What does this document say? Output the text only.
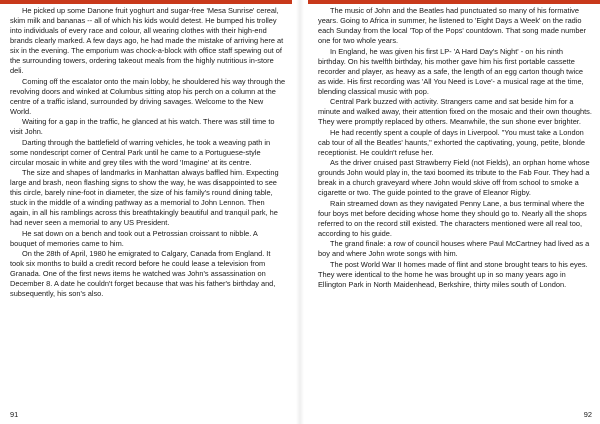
He picked up some Danone fruit yoghurt and sugar-free 'Mesa Sunrise' cereal, skim milk and bananas -- all of which his kids would detest. He bumped his trolley into individuals of every race and colour, all wearing clothes with their high-end brands clearly marked. A few days ago, he had made the mistake of arriving here at six in the evening. The emporium was chock-a-block with office staff spewing out of the surrounding towers, ordering takeout meals from the highly nutritious in-store deli.

Coming off the escalator onto the main lobby, he shouldered his way through the revolving doors and winked at Columbus sitting atop his perch on a column at the centre of a traffic island, surrounded by driving savages. Welcome to the New World.

Waiting for a gap in the traffic, he glanced at his watch. There was still time to visit John.

Darting through the battlefield of warring vehicles, he took a weaving path in some nondescript corner of Central Park until he came to a Portuguese-style circular mosaic in white and grey tiles with the word 'Imagine' at its centre.

The size and shapes of landmarks in Manhattan always baffled him. Expecting large and brash, neon flashing signs to show the way, he was disappointed to see this circle, barely nine-foot in diameter, the size of his family's round dining table, stuck in the middle of a winding pathway as a memorial to John Lennon. Then again, in all his ramblings across this breathtakingly beautiful and tranquil park, he had never seen a memorial to any US President.

He sat down on a bench and took out a Petrossian croissant to nibble. A bouquet of memories came to him.

On the 28th of April, 1980 he emigrated to Calgary, Canada from England. It took six months to build a credit record before he could lease a television from Granada. One of the first news items he watched was John's assassination on December 8. A date he couldn't forget because that was his father's birthday and, subsequently, his son's also.

The music of John and the Beatles had punctuated so many of his formative years. Going to Africa in summer, he listened to 'Eight Days a Week' on the radio each Sunday from the local 'Top of the Pops' countdown. That song made number one for two whole years.

In England, he was given his first LP- 'A Hard Day's Night' - on his ninth birthday. On his twelfth birthday, his mother gave him his first portable cassette recorder and player, as heavy as a safe, the length of an egg carton though twice as wide. His first recording was 'All You Need is Love'- a musical rage at the time, blending classical music with pop.

Central Park buzzed with activity. Strangers came and sat beside him for a minute and walked away, their attention fixed on the mosaic and their own thoughts. They were promptly replaced by others. Meanwhile, the sun shone ever brighter.

He had recently spent a couple of days in Liverpool. "You must take a London cab tour of all the Beatles' haunts," exhorted the captivating, young, petite, blonde receptionist. He couldn't refuse her.

As the driver cruised past Strawberry Field (not Fields), an orphan home whose grounds John would play in, the taxi boomed its tribute to the Fab Four. They had a break in a church graveyard where John would skive off from school to smoke a cigarette or two. The guide pointed to the grave of Eleanor Rigby.

Rain streamed down as they navigated Penny Lane, a bus terminal where the four boys met before deciding whose home they should go to. Nearly all the shops referred to on the record still existed. The characters mentioned were all real too, according to his guide.

The grand finale: a row of council houses where Paul McCartney had lived as a boy and where John wrote songs with him.

The post World War II homes made of flint and stone brought tears to his eyes. They were identical to the home he was brought up in so many years ago in Ellington Park in North Maidenhead, Berkshire, thirty miles south of London.

91	92
